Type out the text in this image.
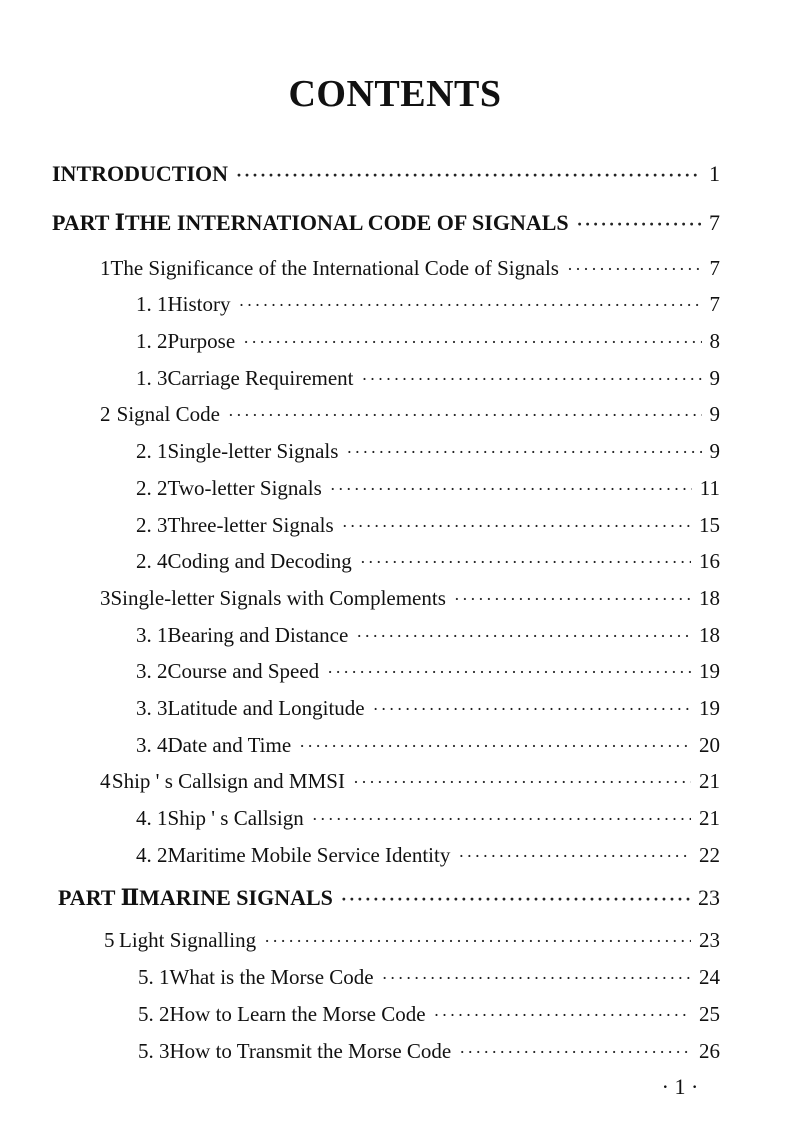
CONTENTS
INTRODUCTION ·····	1
PART Ⅰ THE INTERNATIONAL CODE OF SIGNALS ·····	7
1 The Significance of the International Code of Signals ·····	7
1. 1 History ·····	7
1. 2 Purpose ·····	8
1. 3 Carriage Requirement ·····	9
2 Signal Code ·····	9
2. 1 Single-letter Signals ·····	9
2. 2 Two-letter Signals ·····	11
2. 3 Three-letter Signals ·····	15
2. 4 Coding and Decoding ·····	16
3 Single-letter Signals with Complements ·····	18
3. 1 Bearing and Distance ·····	18
3. 2 Course and Speed ·····	19
3. 3 Latitude and Longitude ·····	19
3. 4 Date and Time ·····	20
4 Ship ' s Callsign and MMSI ·····	21
4. 1 Ship ' s Callsign ·····	21
4. 2 Maritime Mobile Service Identity ·····	22
PART Ⅱ MARINE SIGNALS ·····	23
5 Light Signalling ·····	23
5. 1 What is the Morse Code ·····	24
5. 2 How to Learn the Morse Code ·····	25
5. 3 How to Transmit the Morse Code ·····	26
· 1 ·
